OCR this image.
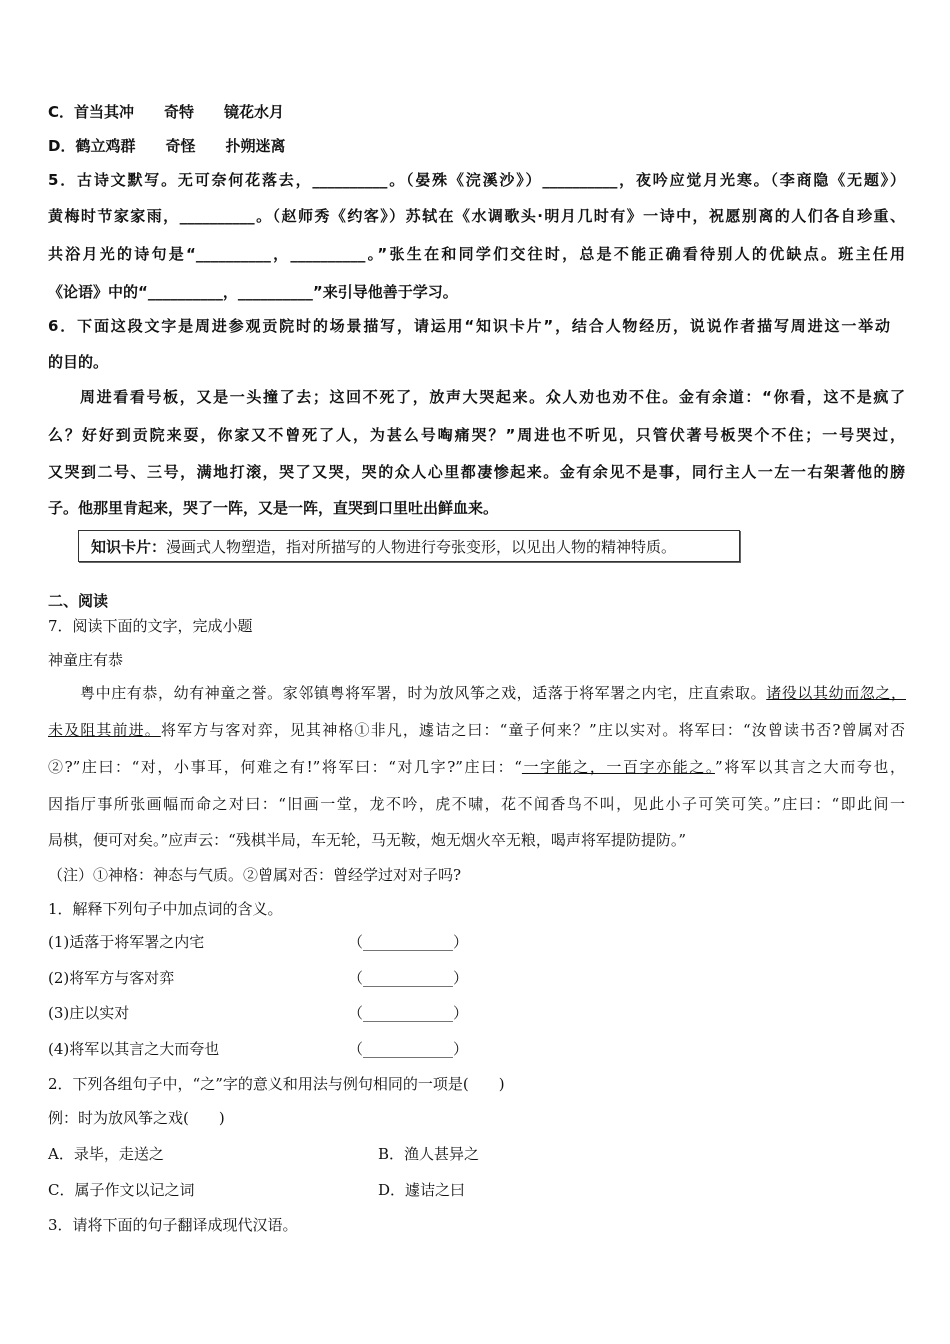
C．首当其冲　　奇特　　镜花水月
D．鹤立鸡群　　奇怪　　扑朔迷离
5．古诗文默写。无可奈何花落去，__________。（晏殊《浣溪沙》）__________，夜吟应觉月光寒。（李商隐《无题》）
黄梅时节家家雨，__________。（赵师秀《约客》）苏轼在《水调歌头·明月几时有》一诗中，祝愿别离的人们各自珍重、
共浴月光的诗句是“__________，__________。”张生在和同学们交往时，总是不能正确看待别人的优缺点。班主任用
《论语》中的“__________，__________”来引导他善于学习。
6．下面这段文字是周进参观贡院时的场景描写，请运用“知识卡片”，结合人物经历，说说作者描写周进这一举动
的目的。
周进看看号板，又是一头撞了去；这回不死了，放声大哭起来。众人劝也劝不住。金有余道：“你看，这不是疯了
么？好好到贡院来耍，你家又不曾死了人，为甚么号啕痛哭？”周进也不听见，只管伏著号板哭个不住；一号哭过，
又哭到二号、三号，满地打滚，哭了又哭，哭的众人心里都凄惨起来。金有余见不是事，同行主人一左一右架著他的膀
子。他那里肯起来，哭了一阵，又是一阵，直哭到口里吐出鲜血来。
知识卡片：漫画式人物塑造，指对所描写的人物进行夸张变形，以见出人物的精神特质。
二、阅读
7．阅读下面的文字，完成小题
神童庄有恭
粤中庄有恭，幼有神童之誉。家邻镇粤将军署，时为放风筝之戏，适落于将军署之内宅，庄直索取。诸役以其幼而忽之，
未及阻其前进。将军方与客对弈，见其神格①非凡，遽诘之曰：“童子何来？”庄以实对。将军曰：“汝曾读书否?曾属对否
②?”庄曰：“对，小事耳，何难之有!”将军曰：“对几字?”庄曰：“一字能之，一百字亦能之。”将军以其言之大而夸也，
因指厅事所张画幅而命之对曰：“旧画一堂，龙不吟，虎不啸，花不闻香鸟不叫，见此小子可笑可笑。”庄曰：“即此间一
局棋，便可对矣。”应声云：“残棋半局，车无轮，马无鞍，炮无烟火卒无粮，喝声将军提防提防。”
（注）①神格：神态与气质。②曾属对否：曾经学过对对子吗?
1．解释下列句子中加点词的含义。
(1)适落于将军署之内宅	（____________）
(2)将军方与客对弈	（____________）
(3)庄以实对	（____________）
(4)将军以其言之大而夸也	（____________）
2．下列各组句子中，“之”字的意义和用法与例句相同的一项是(　　)
例：时为放风筝之戏(　　)
A．录毕，走送之	B．渔人甚异之
C．属子作文以记之词	D．遽诘之曰
3．请将下面的句子翻译成现代汉语。
